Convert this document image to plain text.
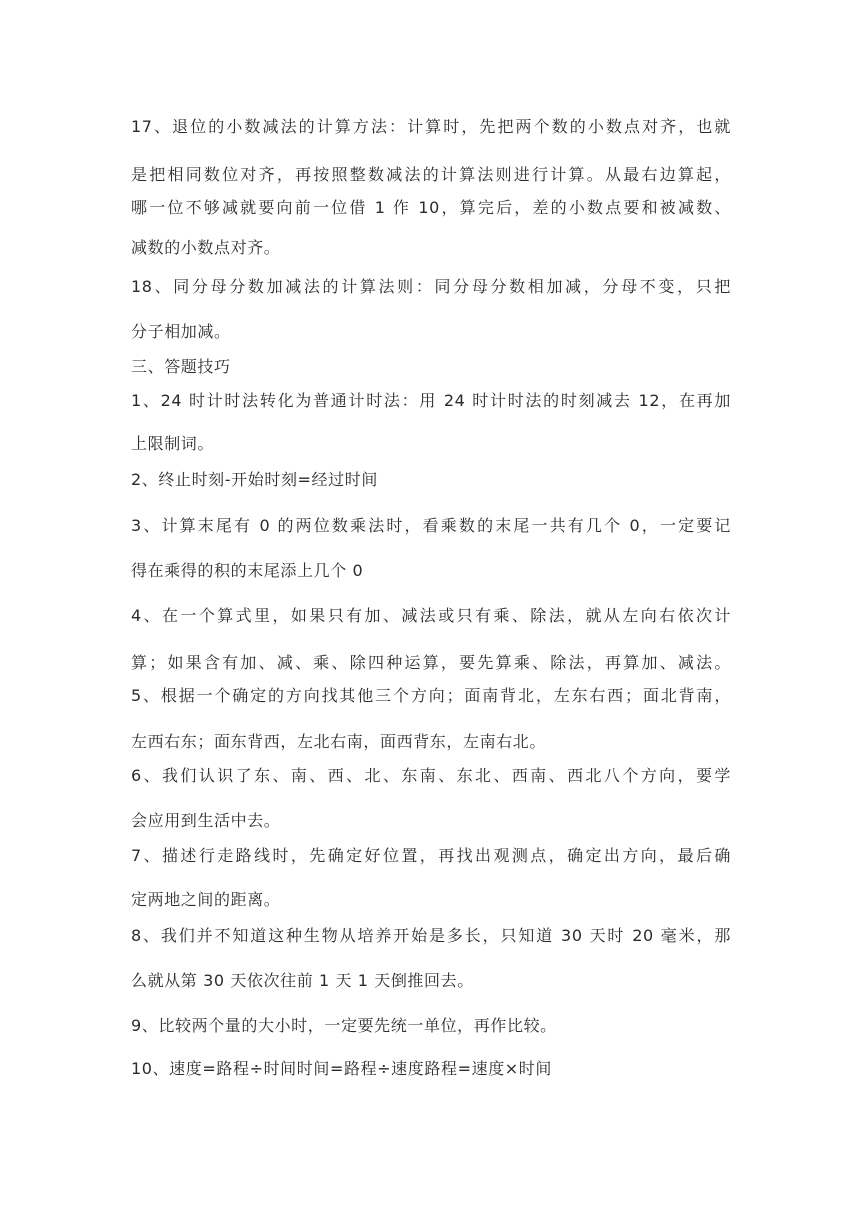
17、退位的小数减法的计算方法：计算时，先把两个数的小数点对齐，也就
是把相同数位对齐，再按照整数减法的计算法则进行计算。从最右边算起，
哪一位不够减就要向前一位借 1 作 10，算完后，差的小数点要和被减数、
减数的小数点对齐。
18、同分母分数加减法的计算法则：同分母分数相加减，分母不变，只把
分子相加减。
三、答题技巧
1、24 时计时法转化为普通计时法：用 24 时计时法的时刻减去 12，在再加
上限制词。
2、终止时刻-开始时刻=经过时间
3、计算末尾有 0 的两位数乘法时，看乘数的末尾一共有几个 0，一定要记
得在乘得的积的末尾添上几个 0
4、在一个算式里，如果只有加、减法或只有乘、除法，就从左向右依次计
算；如果含有加、减、乘、除四种运算，要先算乘、除法，再算加、减法。
5、根据一个确定的方向找其他三个方向；面南背北，左东右西；面北背南，
左西右东；面东背西，左北右南，面西背东，左南右北。
6、我们认识了东、南、西、北、东南、东北、西南、西北八个方向，要学
会应用到生活中去。
7、描述行走路线时，先确定好位置，再找出观测点，确定出方向，最后确
定两地之间的距离。
8、我们并不知道这种生物从培养开始是多长，只知道 30 天时 20 毫米，那
么就从第 30 天依次往前 1 天 1 天倒推回去。
9、比较两个量的大小时，一定要先统一单位，再作比较。
10、速度=路程÷时间时间=路程÷速度路程=速度×时间
